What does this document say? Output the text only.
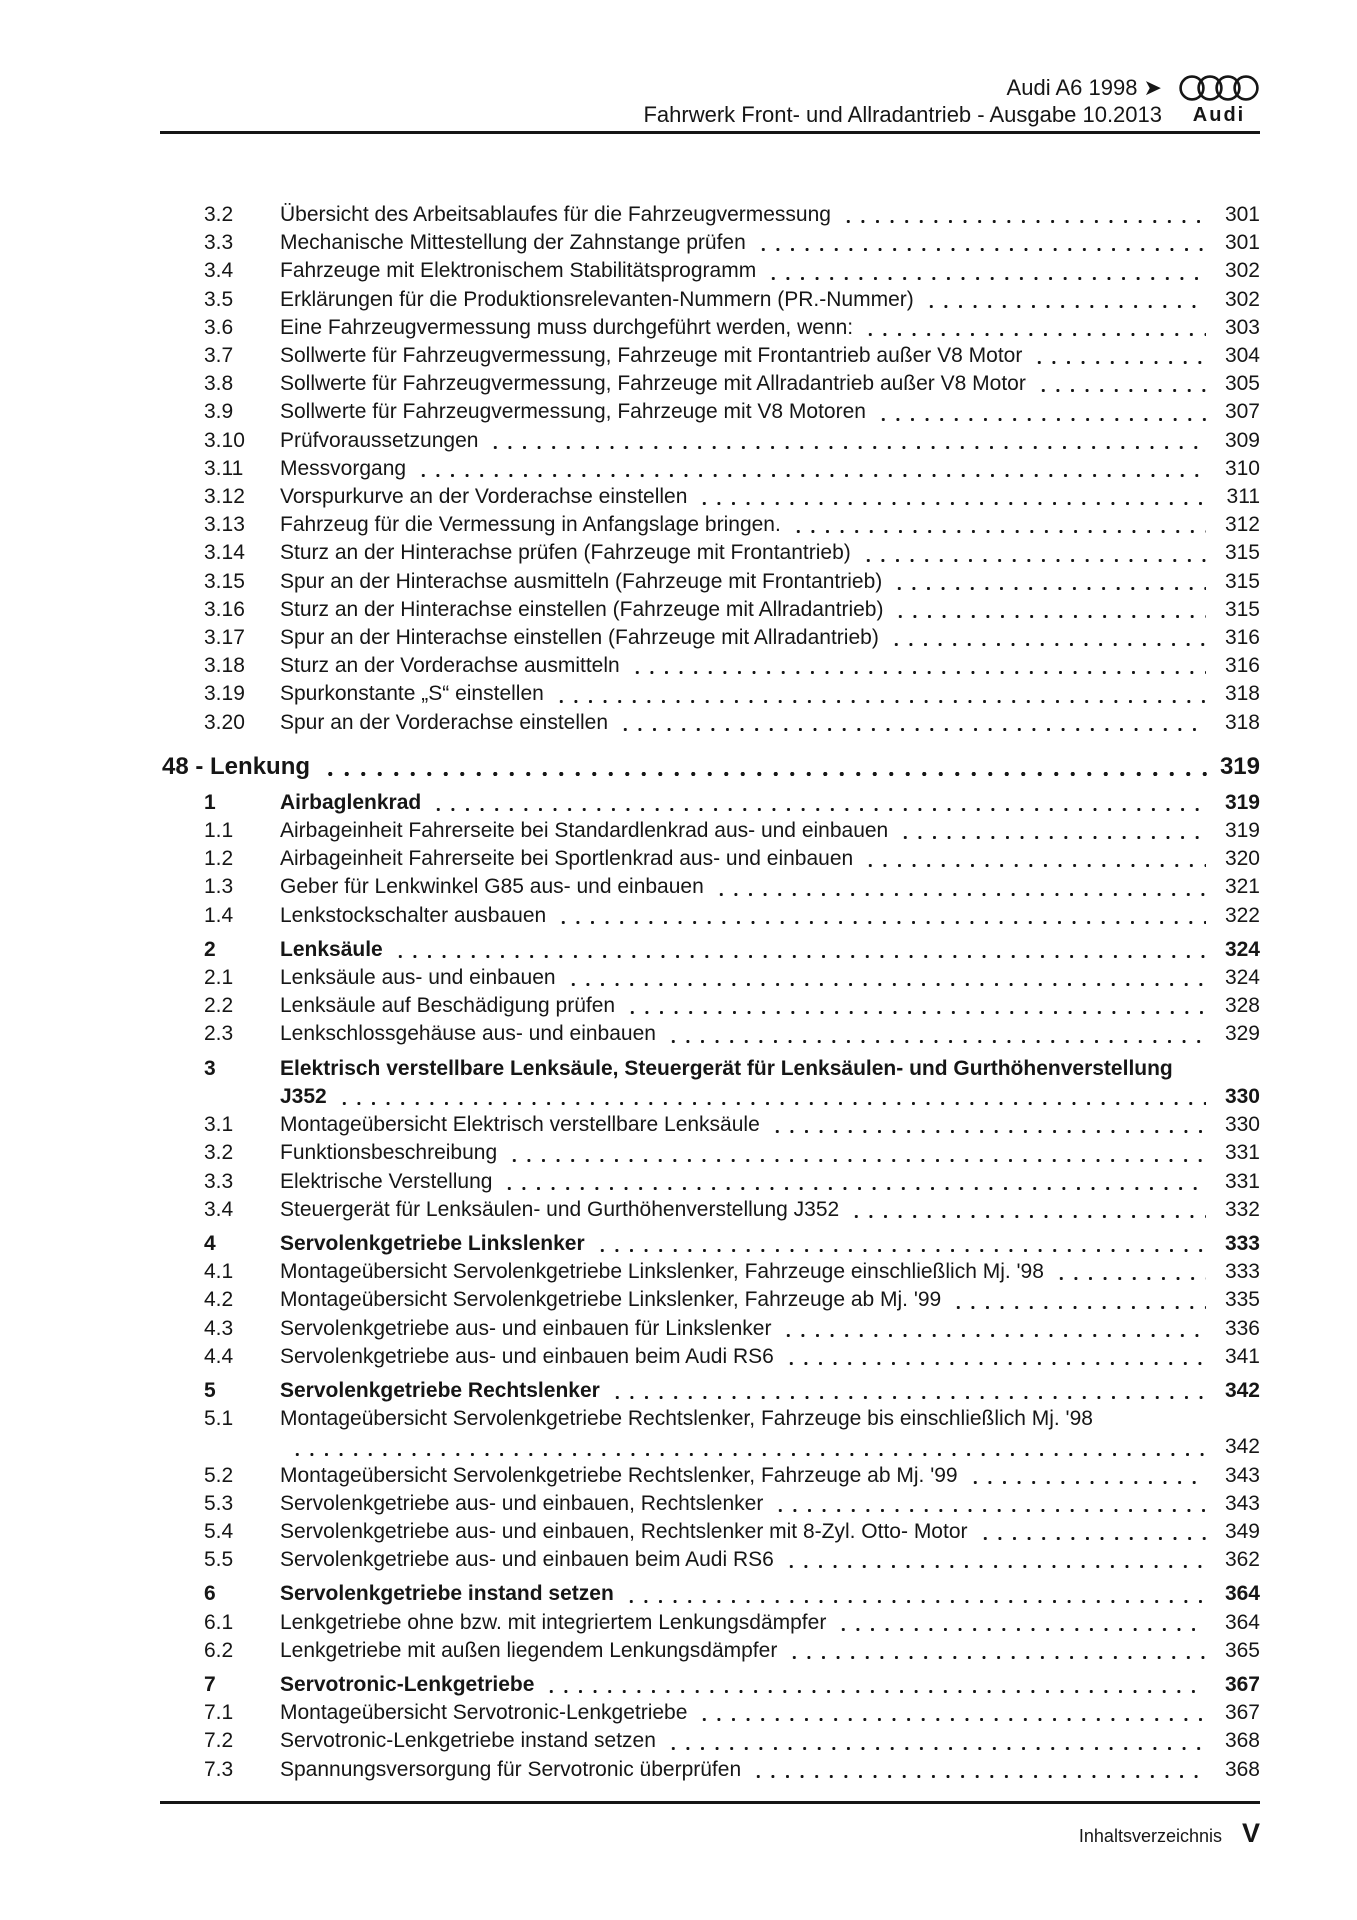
Audi A6 1998 ➤
Fahrwerk Front- und Allradantrieb - Ausgabe 10.2013 Audi
3.2	Übersicht des Arbeitsablaufes für die Fahrzeugvermessung	301
3.3	Mechanische Mittestellung der Zahnstange prüfen	301
3.4	Fahrzeuge mit Elektronischem Stabilitätsprogramm	302
3.5	Erklärungen für die Produktionsrelevanten-Nummern (PR.-Nummer)	302
3.6	Eine Fahrzeugvermessung muss durchgeführt werden, wenn:	303
3.7	Sollwerte für Fahrzeugvermessung, Fahrzeuge mit Frontantrieb außer V8 Motor	304
3.8	Sollwerte für Fahrzeugvermessung, Fahrzeuge mit Allradantrieb außer V8 Motor	305
3.9	Sollwerte für Fahrzeugvermessung, Fahrzeuge mit V8 Motoren	307
3.10	Prüfvoraussetzungen	309
3.11	Messvorgang	310
3.12	Vorspurkurve an der Vorderachse einstellen	311
3.13	Fahrzeug für die Vermessung in Anfangslage bringen.	312
3.14	Sturz an der Hinterachse prüfen (Fahrzeuge mit Frontantrieb)	315
3.15	Spur an der Hinterachse ausmitteln (Fahrzeuge mit Frontantrieb)	315
3.16	Sturz an der Hinterachse einstellen (Fahrzeuge mit Allradantrieb)	315
3.17	Spur an der Hinterachse einstellen (Fahrzeuge mit Allradantrieb)	316
3.18	Sturz an der Vorderachse ausmitteln	316
3.19	Spurkonstante „S“ einstellen	318
3.20	Spur an der Vorderachse einstellen	318
48 - Lenkung	319
1	Airbaglenkrad	319
1.1	Airbageinheit Fahrerseite bei Standardlenkrad aus- und einbauen	319
1.2	Airbageinheit Fahrerseite bei Sportlenkrad aus- und einbauen	320
1.3	Geber für Lenkwinkel G85 aus- und einbauen	321
1.4	Lenkstockschalter ausbauen	322
2	Lenksäule	324
2.1	Lenksäule aus- und einbauen	324
2.2	Lenksäule auf Beschädigung prüfen	328
2.3	Lenkschlossgehäuse aus- und einbauen	329
3	Elektrisch verstellbare Lenksäule, Steuergerät für Lenksäulen- und Gurthöhenverstellung
J352	330
3.1	Montageübersicht Elektrisch verstellbare Lenksäule	330
3.2	Funktionsbeschreibung	331
3.3	Elektrische Verstellung	331
3.4	Steuergerät für Lenksäulen- und Gurthöhenverstellung J352	332
4	Servolenkgetriebe Linkslenker	333
4.1	Montageübersicht Servolenkgetriebe Linkslenker, Fahrzeuge einschließlich Mj. '98	333
4.2	Montageübersicht Servolenkgetriebe Linkslenker, Fahrzeuge ab Mj. '99	335
4.3	Servolenkgetriebe aus- und einbauen für Linkslenker	336
4.4	Servolenkgetriebe aus- und einbauen beim Audi RS6	341
5	Servolenkgetriebe Rechtslenker	342
5.1	Montageübersicht Servolenkgetriebe Rechtslenker, Fahrzeuge bis einschließlich Mj. '98
342
5.2	Montageübersicht Servolenkgetriebe Rechtslenker, Fahrzeuge ab Mj. '99	343
5.3	Servolenkgetriebe aus- und einbauen, Rechtslenker	343
5.4	Servolenkgetriebe aus- und einbauen, Rechtslenker mit 8-Zyl. Otto- Motor	349
5.5	Servolenkgetriebe aus- und einbauen beim Audi RS6	362
6	Servolenkgetriebe instand setzen	364
6.1	Lenkgetriebe ohne bzw. mit integriertem Lenkungsdämpfer	364
6.2	Lenkgetriebe mit außen liegendem Lenkungsdämpfer	365
7	Servotronic-Lenkgetriebe	367
7.1	Montageübersicht Servotronic-Lenkgetriebe	367
7.2	Servotronic-Lenkgetriebe instand setzen	368
7.3	Spannungsversorgung für Servotronic überprüfen	368
Inhaltsverzeichnis V
